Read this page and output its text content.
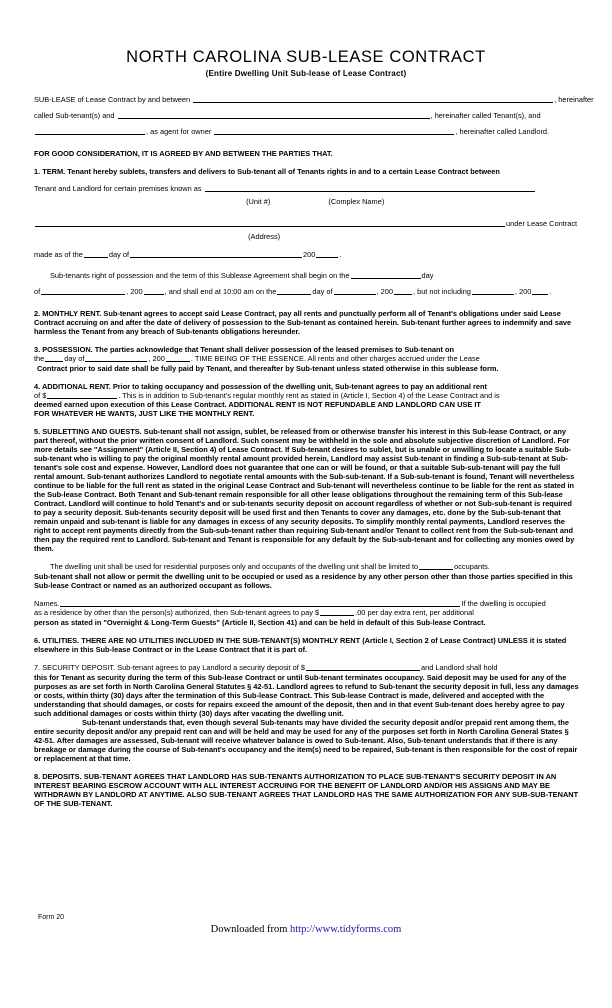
NORTH CAROLINA SUB-LEASE CONTRACT
(Entire Dwelling Unit Sub-lease of Lease Contract)
SUB-LEASE of Lease Contract by and between	, hereinafter
called Sub-tenant(s) and	, hereinafter called Tenant(s), and
, as agent for owner	, hereinafter called Landlord.
FOR GOOD CONSIDERATION, IT IS AGREED BY AND BETWEEN THE PARTIES THAT.
1. TERM. Tenant hereby sublets, transfers and delivers to Sub-tenant all of Tenants rights in and to a certain Lease Contract between
Tenant and Landlord for certain premises known as
(Unit #)	(Complex Name)
under Lease Contract
(Address)
made as of the	day of	200	.
Sub-tenants right of possession and the term of this Sublease Agreement shall begin on the	day
of	, 200	, and shall end at 10:00 am on the	day of	, 200	, but not including	, 200 .
2. MONTHLY RENT. Sub-tenant agrees to accept said Lease Contract, pay all rents and punctually perform all of Tenant's obligations under said Lease Contract accruing on and after the date of delivery of possession to the Sub-tenant as contained herein. Sub-tenant further agrees to indemnify and save harmless the Tenant from any breach of Sub-tenants obligations hereunder.
3. POSSESSION. The parties acknowledge that Tenant shall deliver possession of the leased premises to Sub-tenant on
the	day of	, 200	. TIME BEING OF THE ESSENCE. All rents and other charges accrued under the Lease
Contract prior to said date shall be fully paid by Tenant, and thereafter by Sub-tenant unless stated otherwise in this sublease form.
4. ADDITIONAL RENT. Prior to taking occupancy and possession of the dwelling unit, Sub-tenant agrees to pay an additional rent
of $	. This is in addition to Sub-tenant's regular monthly rent as stated in (Article I, Section 4) of the Lease Contract and is
deemed earned upon execution of this Lease Contract. ADDITIONAL RENT IS NOT REFUNDABLE AND LANDLORD CAN USE IT
FOR WHATEVER HE WANTS, JUST LIKE THE MONTHLY RENT.
5. SUBLETTING AND GUESTS. Sub-tenant shall not assign, sublet, be released from or otherwise transfer his interest in this Sub-lease Contract, or any part thereof, without the prior written consent of Landlord. Such consent may be withheld in the sole and absolute subjective discretion of Landlord. For more details see "Assignment" (Article II, Section 4) of Lease Contract. If Sub-tenant desires to sublet, but is unable or unwilling to locate a suitable Sub-sub-tenant who is willing to pay the original monthly rental amount provided herein, Landlord may assist Sub-tenant in finding a Sub-sub-tenant at Sub-tenant's sole cost and expense. However, Landlord does not guarantee that one can or will be found, or that a suitable Sub-sub-tenant will pay the full rental amount. Sub-tenant authorizes Landlord to negotiate rental amounts with the Sub-sub-tenant. If a Sub-sub-tenant is found, Tenant will nevertheless continue to be liable for the full rent as stated in the original Lease Contract and Sub-tenant will nevertheless continue to be liable for the rent as stated in the Sub-lease Contract. Both Tenant and Sub-tenant remain responsible for all other lease obligations throughout the remaining term of this Sub-lease Contract. Landlord will continue to hold Tenant's and or sub-tenants security deposit on account regardless of whether or not Sub-sub-tenant is required to pay a security deposit. Sub-tenants security deposit will be used first and then Tenants to cover any damages, etc. done by the Sub-sub-tenant that remain unpaid and sub-tenant is liable for any damages in excess of any security deposits. To simplify monthly rental payments, Landlord reserves the right to accept rent payments directly from the Sub-sub-tenant rather than requiring Sub-tenant and/or Tenant to collect rent from the Sub-sub-tenant and then pay the required rent to Landlord. Sub-tenant and Tenant is responsible for any default by the Sub-sub-tenant and for collecting any monies owed by them.
The dwelling unit shall be used for residential purposes only and occupants of the dwelling unit shall be limited to	occupants.
Sub-tenant shall not allow or permit the dwelling unit to be occupied or used as a residence by any other person other than those parties specified in this Sub-lease Contract or named as an authorized occupant as follows.
Names.	If the dwelling is occupied
as a residence by other than the person(s) authorized, then Sub-tenant agrees to pay $	.00 per day extra rent, per additional
person as stated in "Overnight & Long-Term Guests" (Article II, Section 41) and can be held in default of this Sub-lease Contract.
6. UTILITIES. THERE ARE NO UTILITIES INCLUDED IN THE SUB-TENANT(S) MONTHLY RENT (Article I, Section 2 of Lease Contract) UNLESS it is stated elsewhere in this Sub-lease Contract or in the Lease Contract that it is part of.
7. SECURITY DEPOSIT. Sub-tenant agrees to pay Landlord a security deposit of $	and Landlord shall hold
this for Tenant as security during the term of this Sub-lease Contract or until Sub-tenant terminates occupancy. Said deposit may be used for any of the purposes as are set forth in North Carolina General Statutes § 42-51. Landlord agrees to refund to Sub-tenant the security deposit in full, less any damages or costs, within thirty (30) days after the termination of this Sub-lease Contract. This Sub-lease Contract is made, delivered and accepted with the understanding that should damages, or costs for repairs exceed the amount of the deposit, then and in that event Sub-tenant does hereby agree to pay such additional damages or costs within thirty (30) days after vacating the dwelling unit.
Sub-tenant understands that, even though several Sub-tenants may have divided the security deposit and/or prepaid rent among them, the entire security deposit and/or any prepaid rent can and will be held and may be used for any of the purposes set forth in North Carolina General States § 42-51. After damages are assessed, Sub-tenant will receive whatever balance is owed to Sub-tenant. Also, Sub-tenant understands that if there is any breakage or damage during the course of Sub-tenant's occupancy and the item(s) need to be repaired, Sub-tenant is then responsible for the cost of repair or replacement at that time.
8. DEPOSITS. SUB-TENANT AGREES THAT LANDLORD HAS SUB-TENANTS AUTHORIZATION TO PLACE SUB-TENANT'S SECURITY DEPOSIT IN AN INTEREST BEARING ESCROW ACCOUNT WITH ALL INTEREST ACCRUING FOR THE BENEFIT OF LANDLORD AND/OR HIS ASSIGNS AND MAY BE WITHDRAWN BY LANDLORD AT ANYTIME. ALSO SUB-TENANT AGREES THAT LANDLORD HAS THE SAME AUTHORIZATION FOR ANY SUB-SUB-TENANT OF THE SUB-TENANT.
Form 20
Downloaded from http://www.tidyforms.com
